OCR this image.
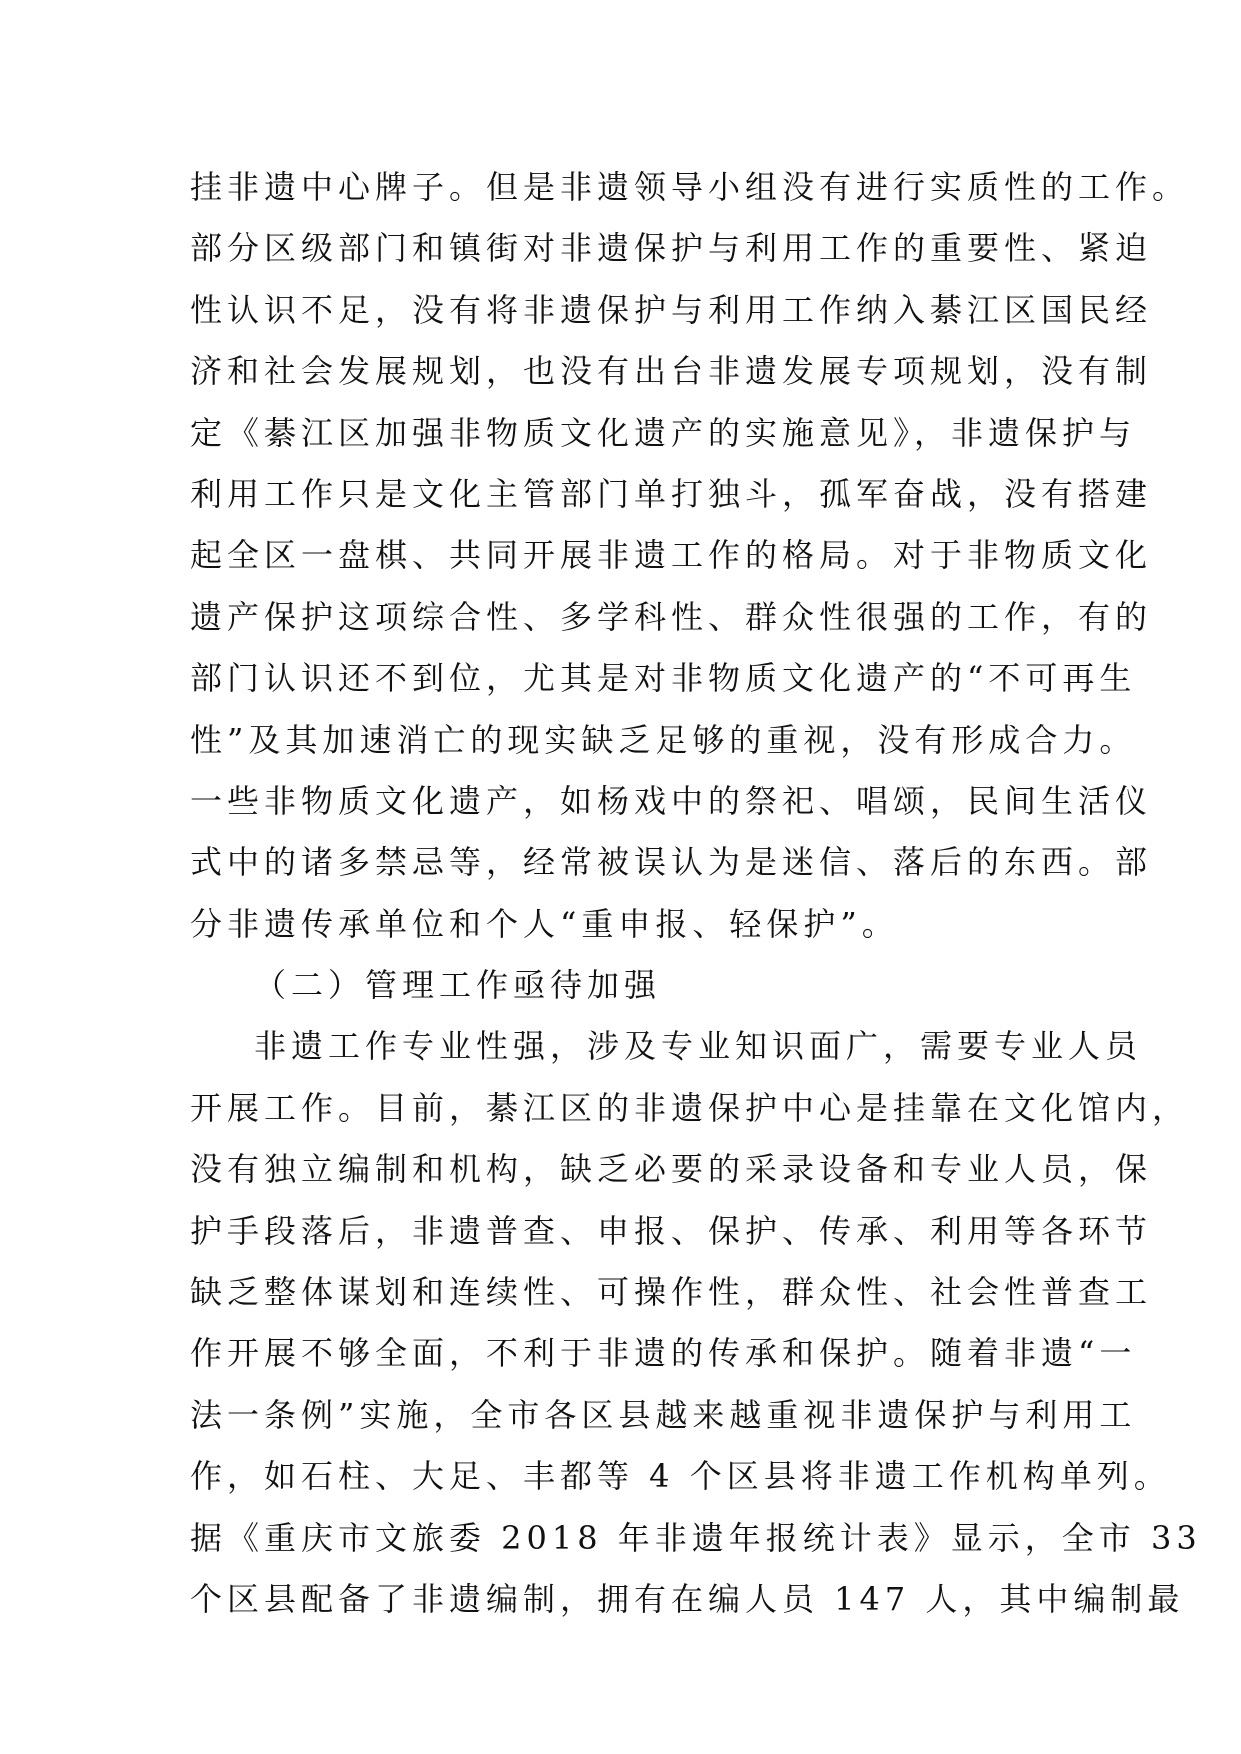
挂非遗中心牌子。但是非遗领导小组没有进行实质性的工作。
部分区级部门和镇街对非遗保护与利用工作的重要性、紧迫
性认识不足，没有将非遗保护与利用工作纳入綦江区国民经
济和社会发展规划，也没有出台非遗发展专项规划，没有制
定《綦江区加强非物质文化遗产的实施意见》，非遗保护与
利用工作只是文化主管部门单打独斗，孤军奋战，没有搭建
起全区一盘棋、共同开展非遗工作的格局。对于非物质文化
遗产保护这项综合性、多学科性、群众性很强的工作，有的
部门认识还不到位，尤其是对非物质文化遗产的“不可再生
性”及其加速消亡的现实缺乏足够的重视，没有形成合力。
一些非物质文化遗产，如杨戏中的祭祀、唱颂，民间生活仪
式中的诸多禁忌等，经常被误认为是迷信、落后的东西。部
分非遗传承单位和个人“重申报、轻保护”。
（二）管理工作亟待加强
非遗工作专业性强，涉及专业知识面广，需要专业人员
开展工作。目前，綦江区的非遗保护中心是挂靠在文化馆内，
没有独立编制和机构，缺乏必要的采录设备和专业人员，保
护手段落后，非遗普查、申报、保护、传承、利用等各环节
缺乏整体谋划和连续性、可操作性，群众性、社会性普查工
作开展不够全面，不利于非遗的传承和保护。随着非遗“一
法一条例”实施，全市各区县越来越重视非遗保护与利用工
作，如石柱、大足、丰都等 4 个区县将非遗工作机构单列。
据《重庆市文旅委 2018 年非遗年报统计表》显示，全市 33
个区县配备了非遗编制，拥有在编人员 147 人，其中编制最
